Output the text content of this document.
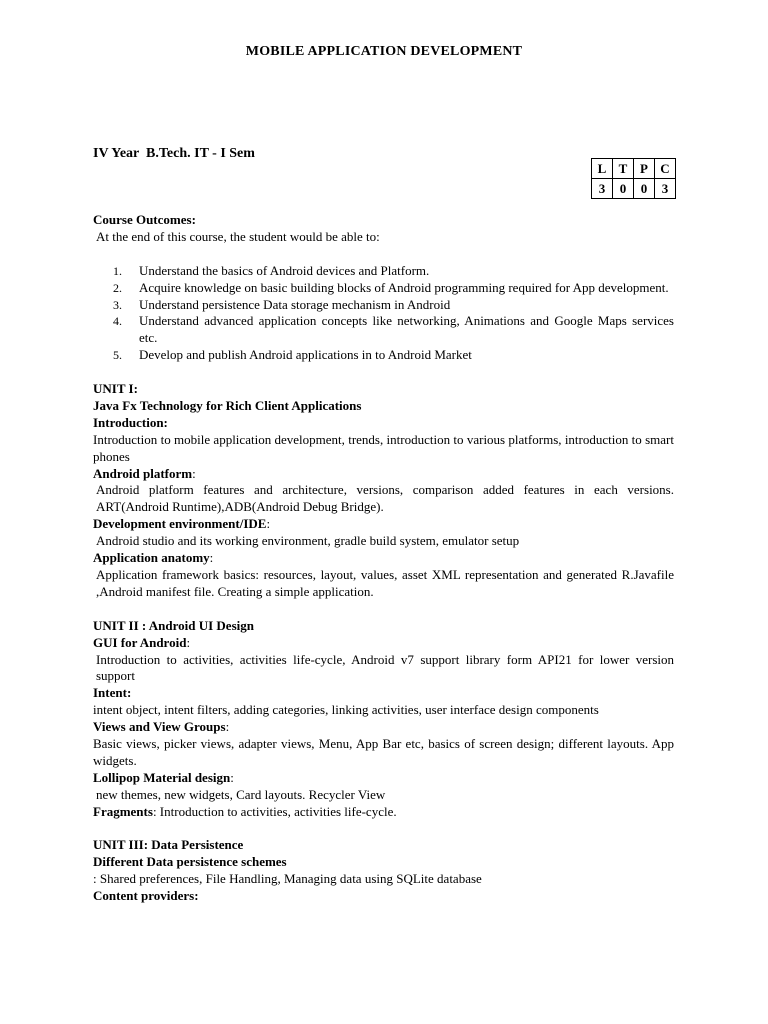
MOBILE APPLICATION DEVELOPMENT
IV Year  B.Tech. IT - I Sem
L	T	P	C
3	0	0	3
Course Outcomes:
At the end of this course, the student would be able to:
1.	Understand the basics of Android devices and Platform.
2.	Acquire knowledge on basic building blocks of Android programming required for App development.
3.	Understand persistence Data storage mechanism in Android
4.	Understand advanced application concepts like networking, Animations and Google Maps services etc.
5.	Develop and publish Android applications in to Android Market
UNIT I:
Java Fx Technology for Rich Client Applications
Introduction:
Introduction to mobile application development, trends, introduction to various platforms, introduction to smart phones
Android platform:
Android platform features and architecture, versions, comparison added features in each versions. ART(Android Runtime),ADB(Android Debug Bridge).
Development environment/IDE:
Android studio and its working environment, gradle build system, emulator setup
Application anatomy:
Application framework basics: resources, layout, values, asset XML representation and generated R.Javafile ,Android manifest file. Creating a simple application.
UNIT II : Android UI Design
GUI for Android:
Introduction to activities, activities life-cycle, Android v7 support library form API21 for lower version support
Intent:
intent object, intent filters, adding categories, linking activities, user interface design components
Views and View Groups:
Basic views, picker views, adapter views, Menu, App Bar etc, basics of screen design; different layouts. App widgets.
Lollipop Material design:
new themes, new widgets, Card layouts. Recycler View
Fragments: Introduction to activities, activities life-cycle.
UNIT III: Data Persistence
Different Data persistence schemes
: Shared preferences, File Handling, Managing data using SQLite database
Content providers:
